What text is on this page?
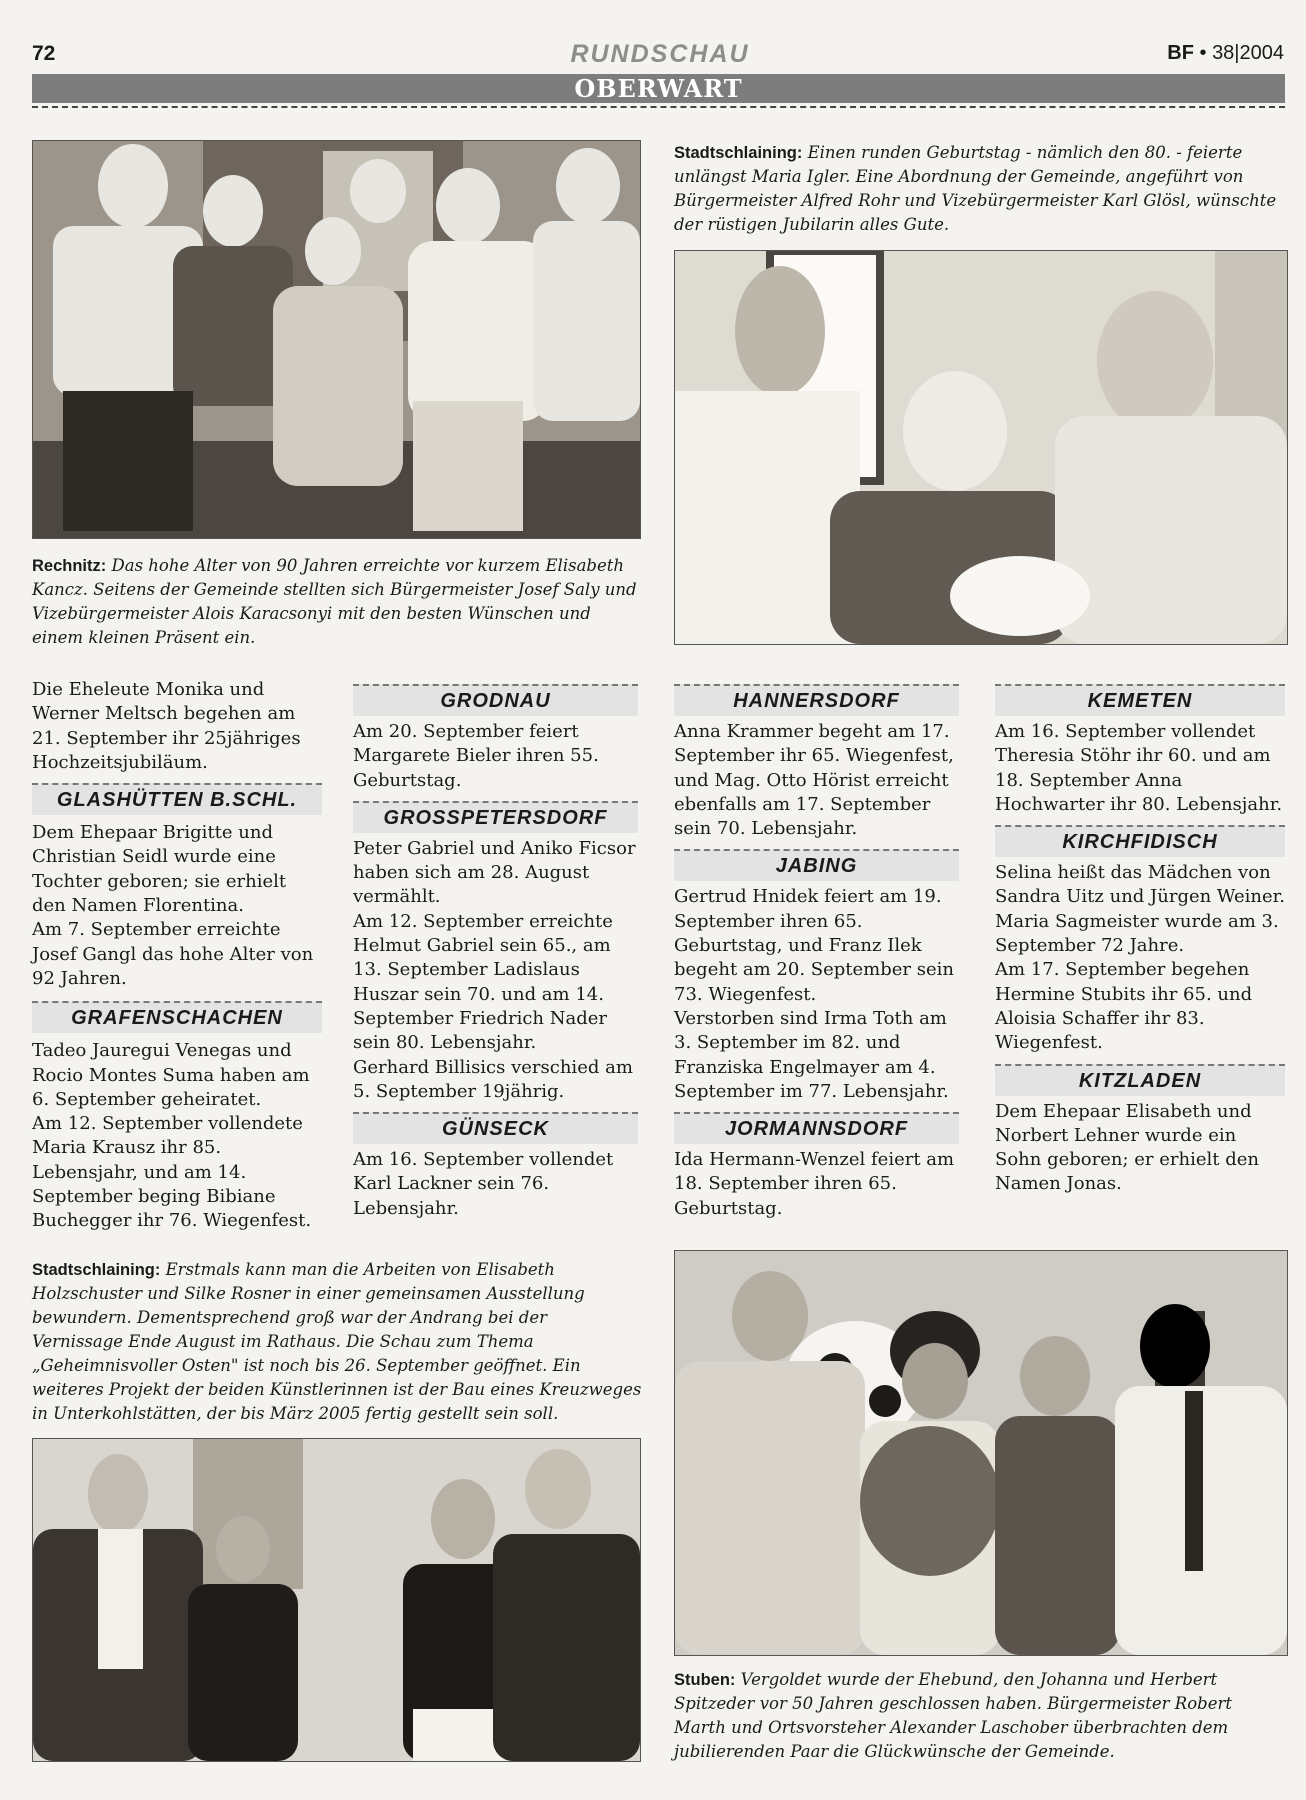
72	RUNDSCHAU	BF • 38|2004
OBERWART
Rechnitz: Das hohe Alter von 90 Jahren erreichte vor kurzem Elisabeth Kancz. Seitens der Gemeinde stellten sich Bürgermeister Josef Saly und Vizebürgermeister Alois Karacsonyi mit den besten Wünschen und einem kleinen Präsent ein.
Stadtschlaining: Einen runden Geburtstag - nämlich den 80. - feierte unlängst Maria Igler. Eine Abordnung der Gemeinde, angeführt von Bürgermeister Alfred Rohr und Vizebürgermeister Karl Glösl, wünschte der rüstigen Jubilarin alles Gute.

Die Eheleute Monika und Werner Meltsch begehen am 21. September ihr 25jähriges Hochzeitsjubiläum.

GLASHÜTTEN B.SCHL.

Dem Ehepaar Brigitte und Christian Seidl wurde eine Tochter geboren; sie erhielt den Namen Florentina.

Am 7. September erreichte Josef Gangl das hohe Alter von 92 Jahren.

GRAFENSCHACHEN

Tadeo Jauregui Venegas und Rocio Montes Suma haben am 6. September geheiratet.

Am 12. September vollendete Maria Krausz ihr 85. Lebensjahr, und am 14. September beging Bibiane Buchegger ihr 76. Wiegenfest.

GRODNAU

Am 20. September feiert Margarete Bieler ihren 55. Geburtstag.

GROSSPETERSDORF

Peter Gabriel und Aniko Ficsor haben sich am 28. August vermählt.

Am 12. September erreichte Helmut Gabriel sein 65., am 13. September Ladislaus Huszar sein 70. und am 14. September Friedrich Nader sein 80. Lebensjahr.

Gerhard Billisics verschied am 5. September 19jährig.

GÜNSECK

Am 16. September vollendet Karl Lackner sein 76. Lebensjahr.

HANNERSDORF

Anna Krammer begeht am 17. September ihr 65. Wiegenfest, und Mag. Otto Hörist erreicht ebenfalls am 17. September sein 70. Lebensjahr.

JABING

Gertrud Hnidek feiert am 19. September ihren 65. Geburtstag, und Franz Ilek begeht am 20. September sein 73. Wiegenfest.

Verstorben sind Irma Toth am 3. September im 82. und Franziska Engelmayer am 4. September im 77. Lebensjahr.

JORMANNSDORF

Ida Hermann-Wenzel feiert am 18. September ihren 65. Geburtstag.

KEMETEN

Am 16. September vollendet Theresia Stöhr ihr 60. und am 18. September Anna Hochwarter ihr 80. Lebensjahr.

KIRCHFIDISCH

Selina heißt das Mädchen von Sandra Uitz und Jürgen Weiner.

Maria Sagmeister wurde am 3. September 72 Jahre.

Am 17. September begehen Hermine Stubits ihr 65. und Aloisia Schaffer ihr 83. Wiegenfest.

KITZLADEN

Dem Ehepaar Elisabeth und Norbert Lehner wurde ein Sohn geboren; er erhielt den Namen Jonas.

Stadtschlaining: Erstmals kann man die Arbeiten von Elisabeth Holzschuster und Silke Rosner in einer gemeinsamen Ausstellung bewundern. Dementsprechend groß war der Andrang bei der Vernissage Ende August im Rathaus. Die Schau zum Thema „Geheimnisvoller Osten" ist noch bis 26. September geöffnet. Ein weiteres Projekt der beiden Künstlerinnen ist der Bau eines Kreuzweges in Unterkohlstätten, der bis März 2005 fertig gestellt sein soll.
Stuben: Vergoldet wurde der Ehebund, den Johanna und Herbert Spitzeder vor 50 Jahren geschlossen haben. Bürgermeister Robert Marth und Ortsvorsteher Alexander Laschober überbrachten dem jubilierenden Paar die Glückwünsche der Gemeinde.
